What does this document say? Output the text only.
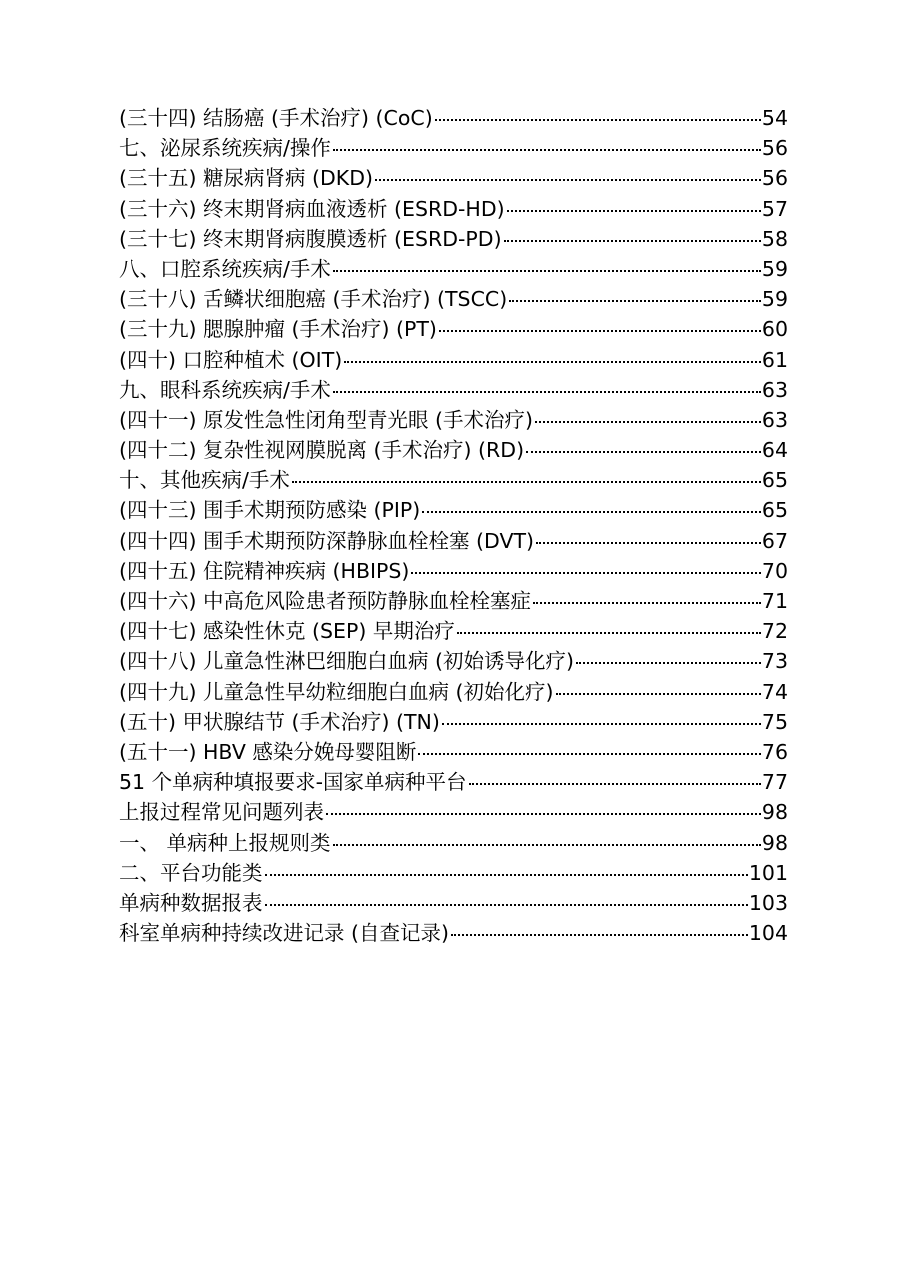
(三十四) 结肠癌 (手术治疗) (CoC)	54
七、泌尿系统疾病/操作	56
(三十五) 糖尿病肾病 (DKD)	56
(三十六) 终末期肾病血液透析 (ESRD-HD)	57
(三十七) 终末期肾病腹膜透析 (ESRD-PD)	58
八、口腔系统疾病/手术	59
(三十八) 舌鳞状细胞癌 (手术治疗) (TSCC)	59
(三十九) 腮腺肿瘤 (手术治疗) (PT)	60
(四十) 口腔种植术 (OIT)	61
九、眼科系统疾病/手术	63
(四十一) 原发性急性闭角型青光眼 (手术治疗)	63
(四十二) 复杂性视网膜脱离 (手术治疗) (RD)	64
十、其他疾病/手术	65
(四十三) 围手术期预防感染 (PIP)	65
(四十四) 围手术期预防深静脉血栓栓塞 (DVT)	67
(四十五) 住院精神疾病 (HBIPS)	70
(四十六) 中高危风险患者预防静脉血栓栓塞症	71
(四十七) 感染性休克 (SEP) 早期治疗	72
(四十八) 儿童急性淋巴细胞白血病 (初始诱导化疗)	73
(四十九) 儿童急性早幼粒细胞白血病 (初始化疗)	74
(五十) 甲状腺结节 (手术治疗) (TN)	75
(五十一) HBV 感染分娩母婴阻断	76
51 个单病种填报要求-国家单病种平台	77
上报过程常见问题列表	98
一、 单病种上报规则类	98
二、平台功能类	101
单病种数据报表	103
科室单病种持续改进记录 (自查记录)	104
